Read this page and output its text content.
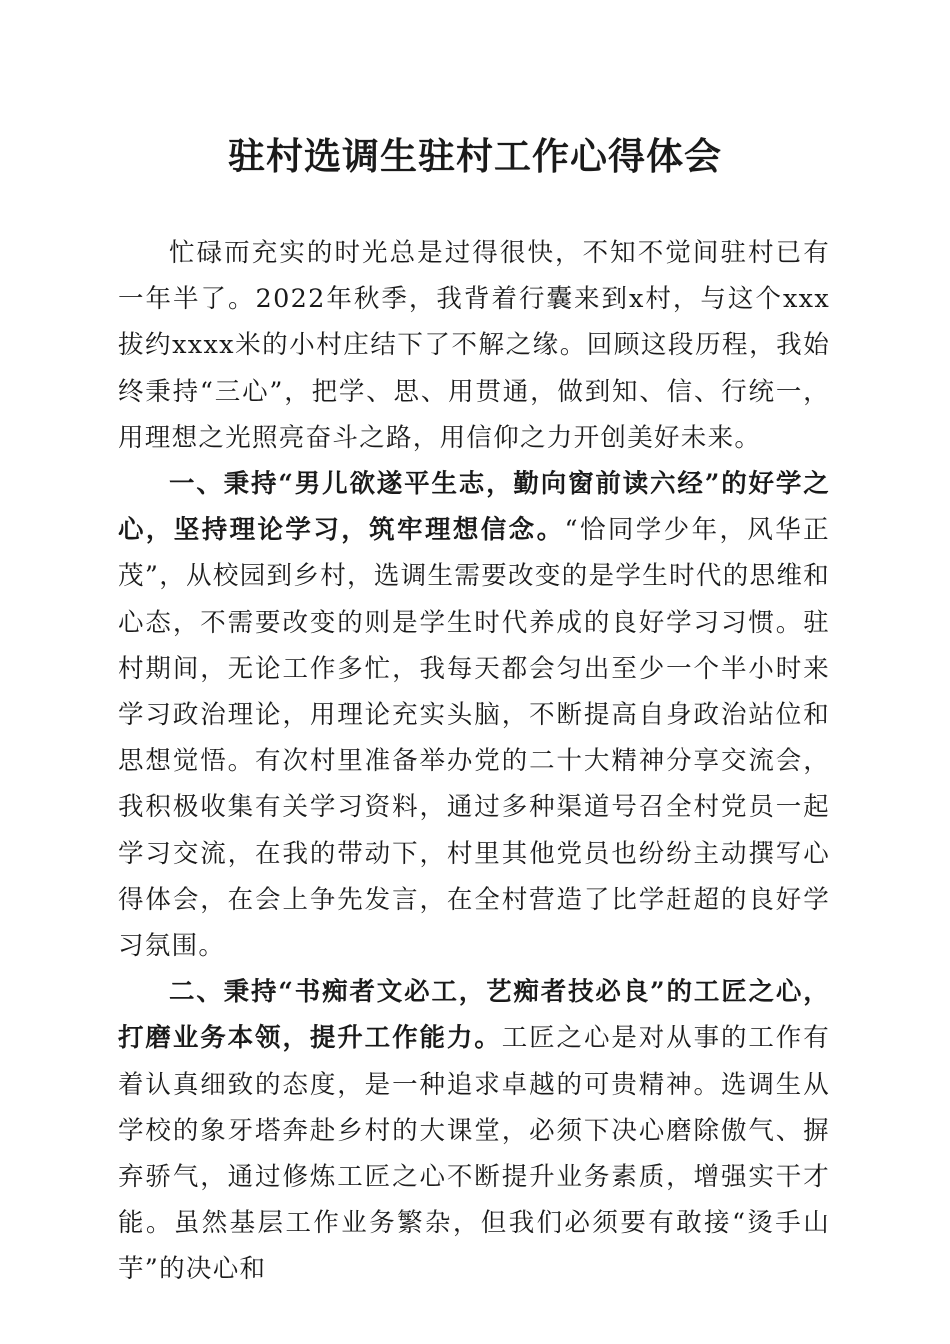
驻村选调生驻村工作心得体会

忙碌而充实的时光总是过得很快，不知不觉间驻村已有一年半了。2022年秋季，我背着行囊来到x村，与这个xxx拔约xxxx米的小村庄结下了不解之缘。回顾这段历程，我始终秉持“三心”，把学、思、用贯通，做到知、信、行统一，用理想之光照亮奋斗之路，用信仰之力开创美好未来。

一、秉持“男儿欲遂平生志，勤向窗前读六经”的好学之心，坚持理论学习，筑牢理想信念。“恰同学少年，风华正茂”，从校园到乡村，选调生需要改变的是学生时代的思维和心态，不需要改变的则是学生时代养成的良好学习习惯。驻村期间，无论工作多忙，我每天都会匀出至少一个半小时来学习政治理论，用理论充实头脑，不断提高自身政治站位和思想觉悟。有次村里准备举办党的二十大精神分享交流会，我积极收集有关学习资料，通过多种渠道号召全村党员一起学习交流，在我的带动下，村里其他党员也纷纷主动撰写心得体会，在会上争先发言，在全村营造了比学赶超的良好学习氛围。

二、秉持“书痴者文必工，艺痴者技必良”的工匠之心，打磨业务本领，提升工作能力。工匠之心是对从事的工作有着认真细致的态度，是一种追求卓越的可贵精神。选调生从学校的象牙塔奔赴乡村的大课堂，必须下决心磨除傲气、摒弃骄气，通过修炼工匠之心不断提升业务素质，增强实干才能。虽然基层工作业务繁杂，但我们必须要有敢接“烫手山芋”的决心和
